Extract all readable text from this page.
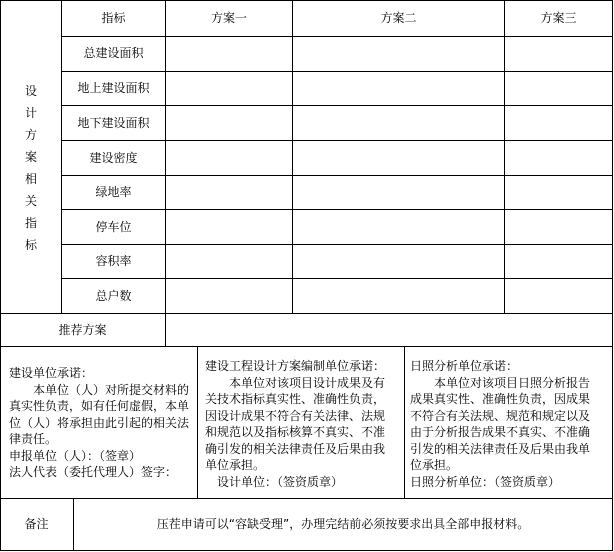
指标	方案一	方案二	方案三
设
计
方
案
相
关
指
标
总建设面积
地上建设面积
地下建设面积
建设密度
绿地率
停车位
容积率
总户数
推荐方案
建设单位承诺：
本单位（人）对所提交材料的
真实性负责，如有任何虚假，本单
位（人）将承担由此引起的相关法
律责任。
申报单位（人）：（签章）
法人代表（委托代理人）签字：
建设工程设计方案编制单位承诺：
本单位对该项目设计成果及有
关技术指标真实性、准确性负责，
因设计成果不符合有关法律、法规
和规范以及指标核算不真实、不准
确引发的相关法律责任及后果由我
单位承担。
设计单位：（签资质章）
日照分析单位承诺：
本单位对该项目日照分析报告
成果真实性、准确性负责，因成果
不符合有关法规、规范和规定以及
由于分析报告成果不真实、不准确
引发的相关法律责任及后果由我单
位承担。
日照分析单位：（签资质章）
备注	压茬申请可以“容缺受理”，办理完结前必须按要求出具全部申报材料。
